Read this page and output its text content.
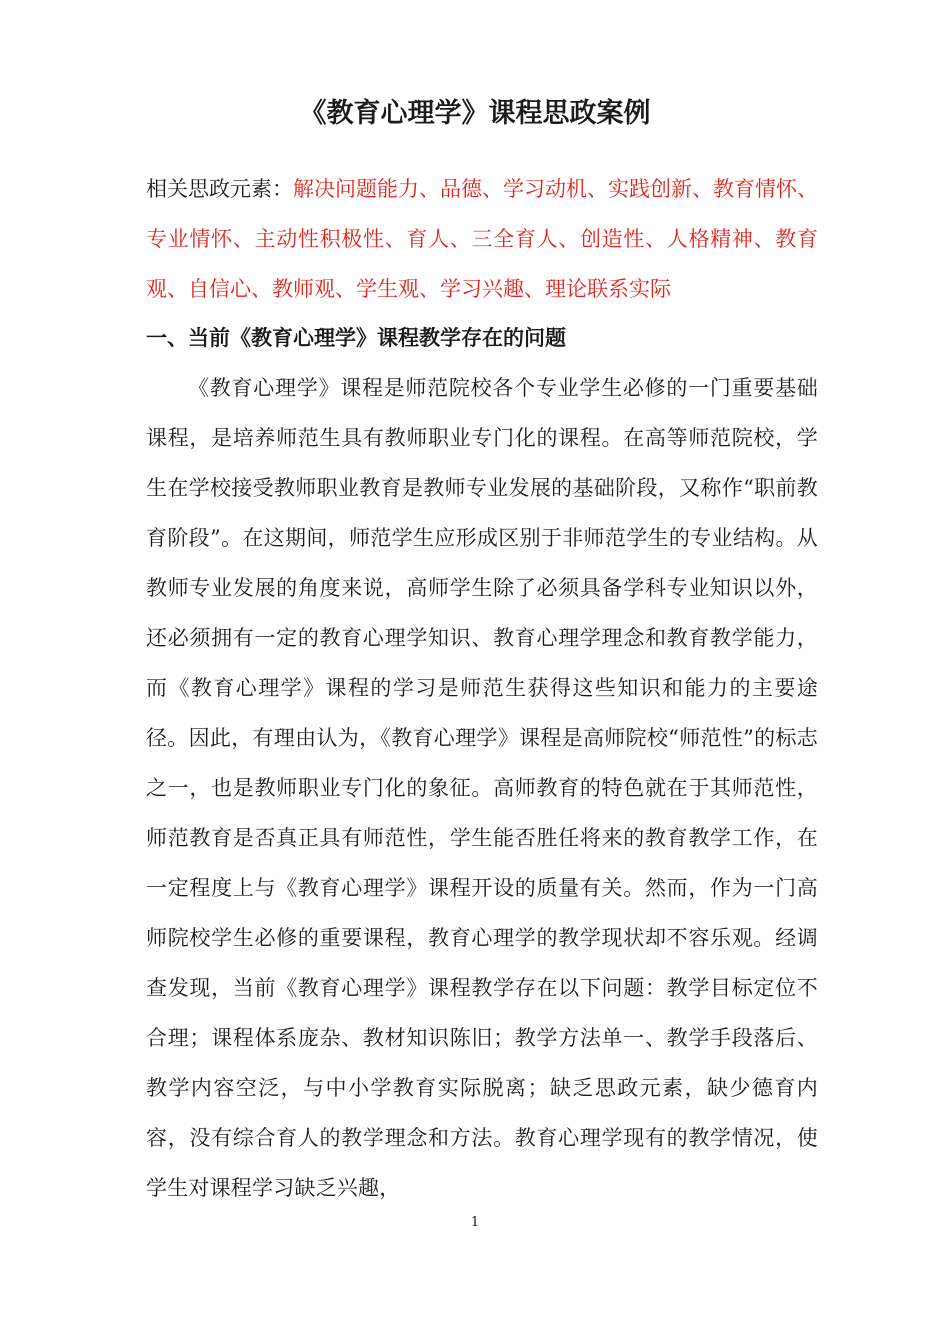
《教育心理学》课程思政案例

相关思政元素：解决问题能力、品德、学习动机、实践创新、教育情怀、专业情怀、主动性积极性、育人、三全育人、创造性、人格精神、教育观、自信心、教师观、学生观、学习兴趣、理论联系实际

一、当前《教育心理学》课程教学存在的问题

《教育心理学》课程是师范院校各个专业学生必修的一门重要基础课程，是培养师范生具有教师职业专门化的课程。在高等师范院校，学生在学校接受教师职业教育是教师专业发展的基础阶段，又称作“职前教育阶段”。在这期间，师范学生应形成区别于非师范学生的专业结构。从教师专业发展的角度来说，高师学生除了必须具备学科专业知识以外，还必须拥有一定的教育心理学知识、教育心理学理念和教育教学能力，而《教育心理学》课程的学习是师范生获得这些知识和能力的主要途径。因此，有理由认为，《教育心理学》课程是高师院校“师范性”的标志之一，也是教师职业专门化的象征。高师教育的特色就在于其师范性，师范教育是否真正具有师范性，学生能否胜任将来的教育教学工作，在一定程度上与《教育心理学》课程开设的质量有关。然而，作为一门高师院校学生必修的重要课程，教育心理学的教学现状却不容乐观。经调查发现，当前《教育心理学》课程教学存在以下问题：教学目标定位不合理；课程体系庞杂、教材知识陈旧；教学方法单一、教学手段落后、教学内容空泛，与中小学教育实际脱离；缺乏思政元素，缺少德育内容，没有综合育人的教学理念和方法。教育心理学现有的教学情况，使学生对课程学习缺乏兴趣，

1
